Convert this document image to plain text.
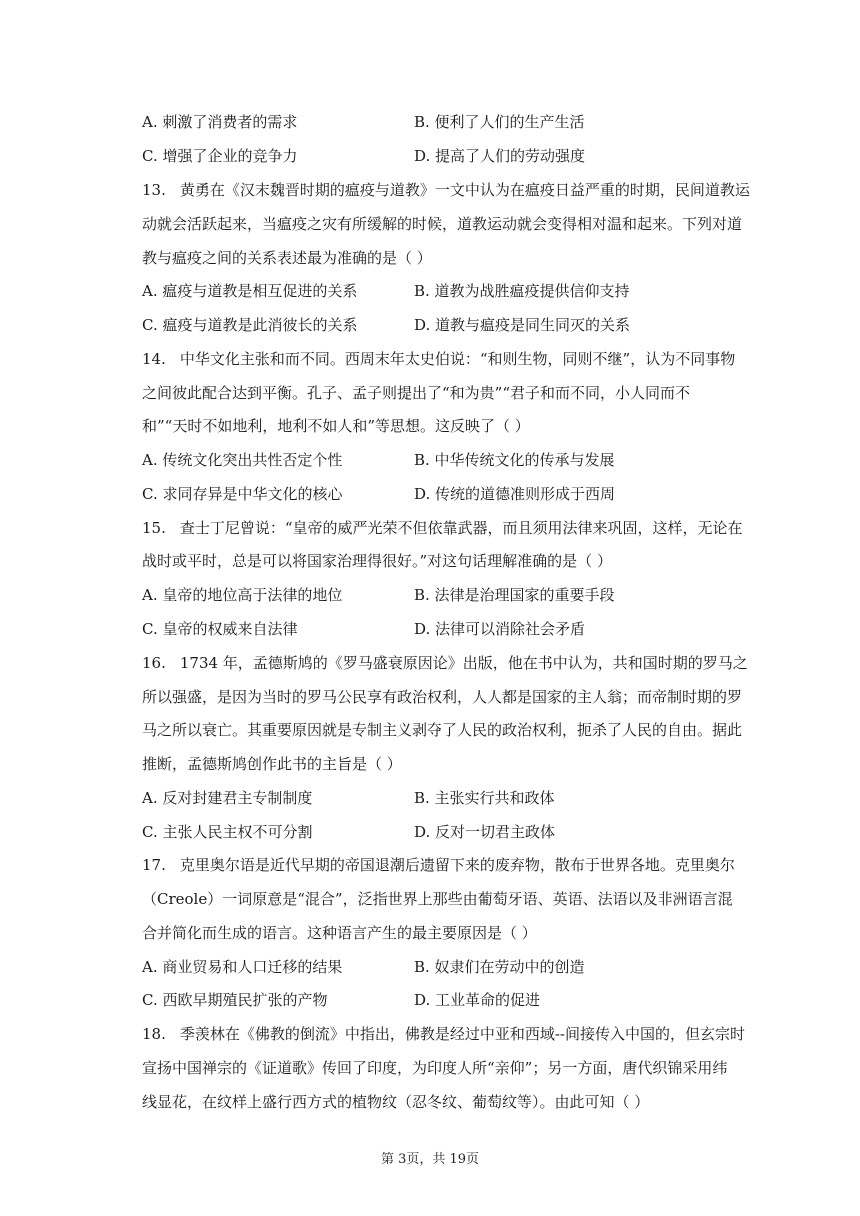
A. 刺激了消费者的需求	B. 便利了人们的生产生活
C. 增强了企业的竞争力	D. 提高了人们的劳动强度
13. 黄勇在《汉末魏晋时期的瘟疫与道教》一文中认为在瘟疫日益严重的时期，民间道教运
动就会活跃起来，当瘟疫之灾有所缓解的时候，道教运动就会变得相对温和起来。下列对道
教与瘟疫之间的关系表述最为准确的是（ ）
A. 瘟疫与道教是相互促进的关系	B. 道教为战胜瘟疫提供信仰支持
C. 瘟疫与道教是此消彼长的关系	D. 道教与瘟疫是同生同灭的关系
14. 中华文化主张和而不同。西周末年太史伯说：“和则生物，同则不继”，认为不同事物
之间彼此配合达到平衡。孔子、孟子则提出了“和为贵”“君子和而不同，小人同而不
和”“天时不如地利，地利不如人和”等思想。这反映了（ ）
A. 传统文化突出共性否定个性	B. 中华传统文化的传承与发展
C. 求同存异是中华文化的核心	D. 传统的道德准则形成于西周
15. 查士丁尼曾说：“皇帝的威严光荣不但依靠武器，而且须用法律来巩固，这样，无论在
战时或平时，总是可以将国家治理得很好。”对这句话理解准确的是（ ）
A. 皇帝的地位高于法律的地位	B. 法律是治理国家的重要手段
C. 皇帝的权威来自法律	D. 法律可以消除社会矛盾
16. 1734 年，孟德斯鸠的《罗马盛衰原因论》出版，他在书中认为，共和国时期的罗马之
所以强盛，是因为当时的罗马公民享有政治权利，人人都是国家的主人翁；而帝制时期的罗
马之所以衰亡。其重要原因就是专制主义剥夺了人民的政治权利，扼杀了人民的自由。据此
推断，孟德斯鸠创作此书的主旨是（ ）
A. 反对封建君主专制制度	B. 主张实行共和政体
C. 主张人民主权不可分割	D. 反对一切君主政体
17. 克里奥尔语是近代早期的帝国退潮后遗留下来的废弃物，散布于世界各地。克里奥尔
（Creole）一词原意是“混合”，泛指世界上那些由葡萄牙语、英语、法语以及非洲语言混
合并简化而生成的语言。这种语言产生的最主要原因是（ ）
A. 商业贸易和人口迁移的结果	B. 奴隶们在劳动中的创造
C. 西欧早期殖民扩张的产物	D. 工业革命的促进
18. 季羡林在《佛教的倒流》中指出，佛教是经过中亚和西域--间接传入中国的，但玄宗时
宣扬中国禅宗的《证道歌》传回了印度，为印度人所“亲仰”；另一方面，唐代织锦采用纬
线显花，在纹样上盛行西方式的植物纹（忍冬纹、葡萄纹等）。由此可知（ ）
第 3页，共 19页
